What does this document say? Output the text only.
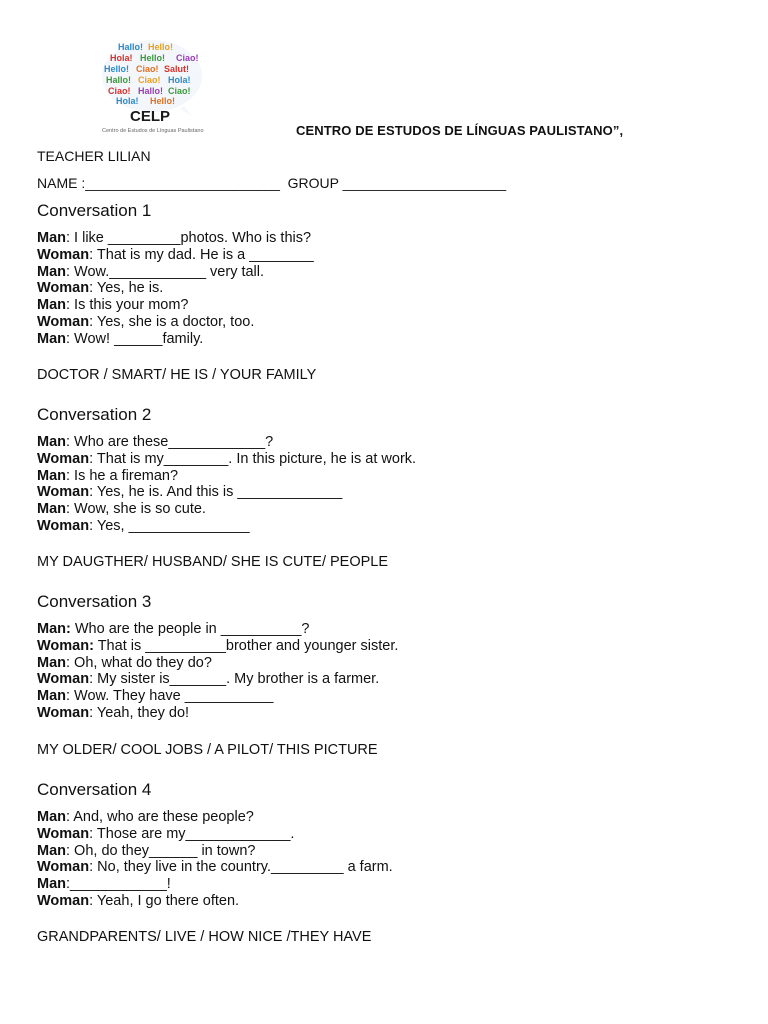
Hallo! Hello!
Hola! Hello! Ciao!
Hello! Ciao! Salut!
Hallo! Ciao! Hola!
Ciao! Hallo! Ciao!
Hola! Hello!
CELP
Centro de Estudos de Línguas Paulistano	CENTRO DE ESTUDOS DE LÍNGUAS PAULISTANO”,
TEACHER LILIAN
NAME :_________________________  GROUP _____________________
Conversation 1
Man: I like _________photos. Who is this?
Woman: That is my dad. He is a ________
Man: Wow.____________ very tall.
Woman: Yes, he is.
Man: Is this your mom?
Woman: Yes, she is a doctor, too.
Man: Wow! ______family.
DOCTOR / SMART/ HE IS / YOUR FAMILY
Conversation 2
Man: Who are these____________?
Woman: That is my________. In this picture, he is at work.
Man: Is he a fireman?
Woman: Yes, he is. And this is _____________
Man: Wow, she is so cute.
Woman: Yes, _______________
MY DAUGTHER/ HUSBAND/ SHE IS CUTE/ PEOPLE
Conversation 3
Man: Who are the people in __________?
Woman: That is __________brother and younger sister.
Man: Oh, what do they do?
Woman: My sister is_______. My brother is a farmer.
Man: Wow. They have ___________
Woman: Yeah, they do!
MY OLDER/ COOL JOBS / A PILOT/ THIS PICTURE
Conversation 4
Man: And, who are these people?
Woman: Those are my_____________.
Man: Oh, do they______ in town?
Woman: No, they live in the country._________ a farm.
Man:____________!
Woman: Yeah, I go there often.
GRANDPARENTS/ LIVE / HOW NICE /THEY HAVE
